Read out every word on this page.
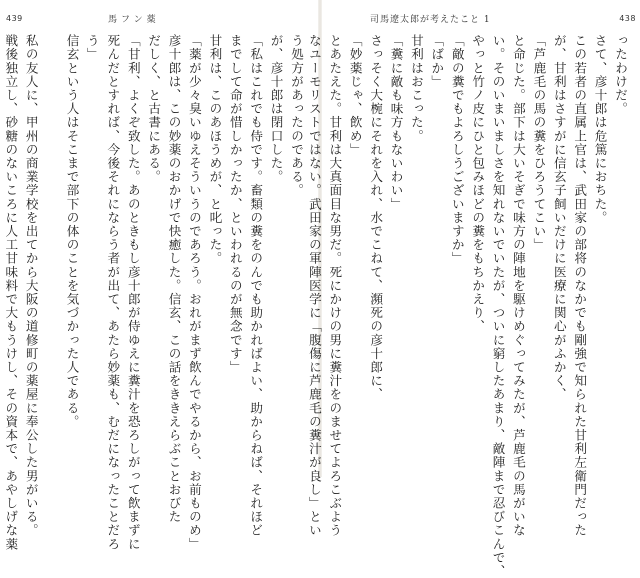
439	馬フン薬
う処方があったのである。
が、彦十郎は閉口した。
「私はこれでも侍です。畜類の糞をのんでも助かればよい、助からねば、それほど
までして命が惜しかったか、といわれるのが無念です」
甘利は、このあほうめが、と叱った。
「薬が少々臭いゆえそういうのであろう。おれがまず飲んでやるから、お前ものめ」
彦十郎は、この妙薬のおかげで快癒した。信玄、この話をききえらぶことおびた
だしく、と古書にある。
「甘利、よくぞ致した。あのときもし彦十郎が侍ゆえに糞汁を恐ろしがって飲まずに
死んだとすれば、今後それにならう者が出て、あたら妙薬も、むだになったことだろ
う」
信玄という人はそこまで部下の体のことを気づかった人である。
私の友人に、甲州の商業学校を出てから大阪の道修町の薬屋に奉公した男がいる。
戦後独立し、砂糖のないころに人工甘味料で大もうけし、その資本で、あやしげな薬
司馬遼太郎が考えたこと 1	438
ったわけだ。
さて、彦十郎は危篤におちた。
この若者の直属上官は、武田家の部将のなかでも剛強で知られた甘利左衛門だった
が、甘利はさすがに信玄子飼いだけに医療に関心がふかく、
「芦鹿毛の馬の糞をひろうてこい」
と命じた。部下は大いそぎで味方の陣地を駆けめぐってみたが、芦鹿毛の馬がいな
い。そのいまいましさを知れないでいたが、ついに窮したあまり、敵陣まで忍びこんで、
やっと竹ノ皮にひと包みほどの糞をもちかえり、
「敵の糞でもよろしうございますか」
「ばか」
甘利はおこった。
「糞に敵も味方もないわい」
さっそく大椀にそれを入れ、水でこねて、瀕死の彦十郎に、
「妙薬じゃ、飲め」
とあたえた。甘利は大真面目な男だ。死にかけの男に糞汁をのませてよろこぶよう
なユーモリストではない。武田家の軍陣医学に「腹傷に芦鹿毛の糞汁が良し」とい
